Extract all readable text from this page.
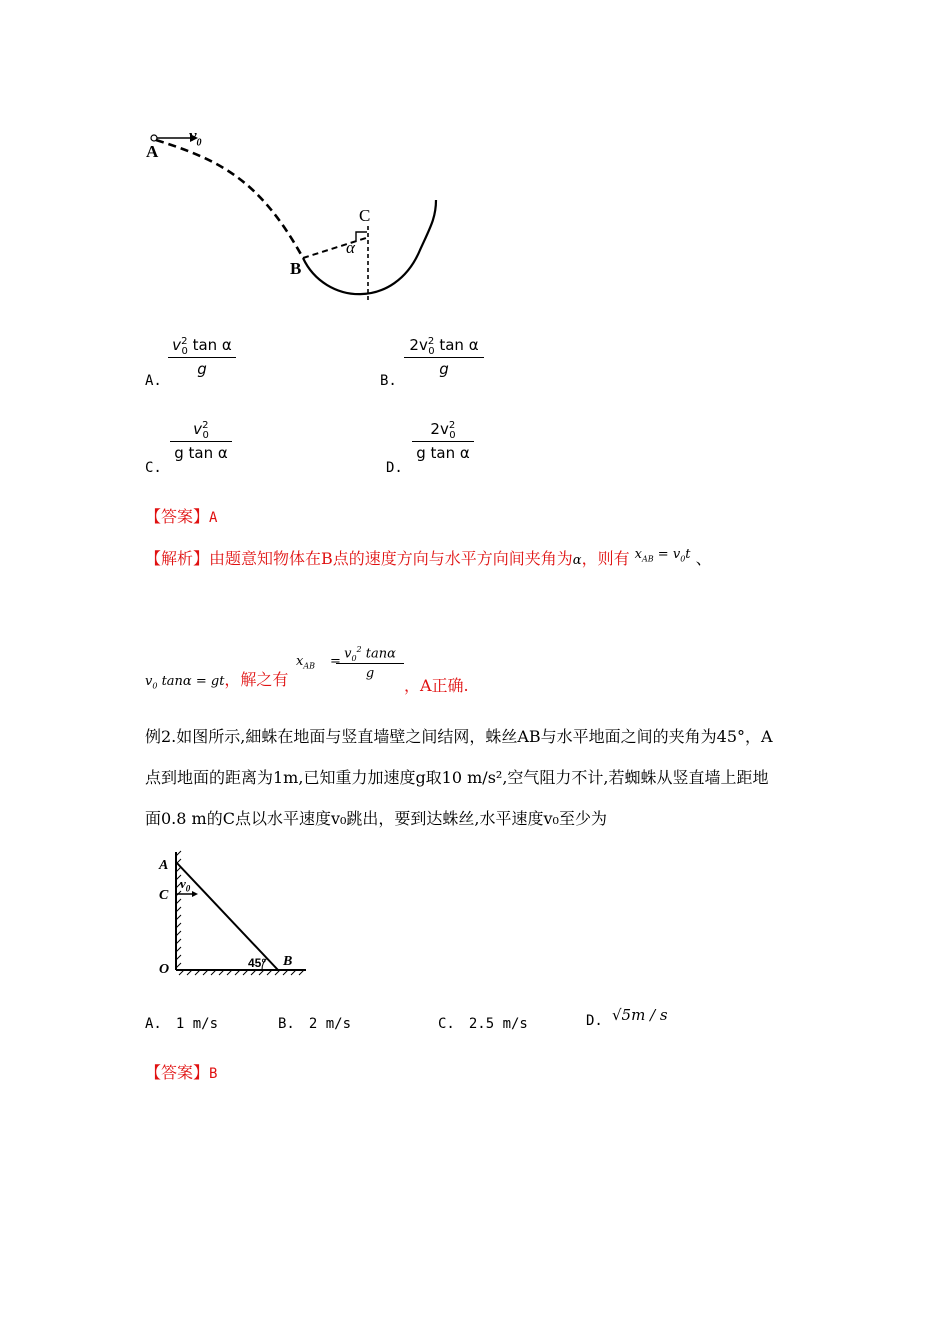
A
$v_0$
C
α
B
A.
$\frac{v^2_0 \tan \alpha}{g}$
B.
$\frac{2v^2_0 \tan \alpha}{g}$
C.
$\frac{v^2_0}{\text{g tan α}}$
D.
$\frac{2v^2_0}{\text{g tan α}}$
【答案】A
【解析】由题意知物体在B点的速度方向与水平方向间夹角为α，则有 $^{x_{AB} = v_0t}$ 、
$v_0$ tanα = gt，解之有
$x_{AB}$ =
$\frac{v_0^2 \tan\alpha}{g}$
，A正确.
例2.如图所示,細蛛在地面与竖直墙壁之间结网，蛛丝AB与水平地面之间的夹角为45°，A
点到地面的距离为1m,已知重力加速度g取10 m/s²,空气阻力不计,若蜘蛛从竖直墙上距地
面0.8 m的C点以水平速度v₀跳出，要到达蛛丝,水平速度v₀至少为
A
C
$v_0$
O	45° B
A.　1 m/s	B.　2 m/s	C.　2.5 m/s	D. √5m / s
【答案】B
